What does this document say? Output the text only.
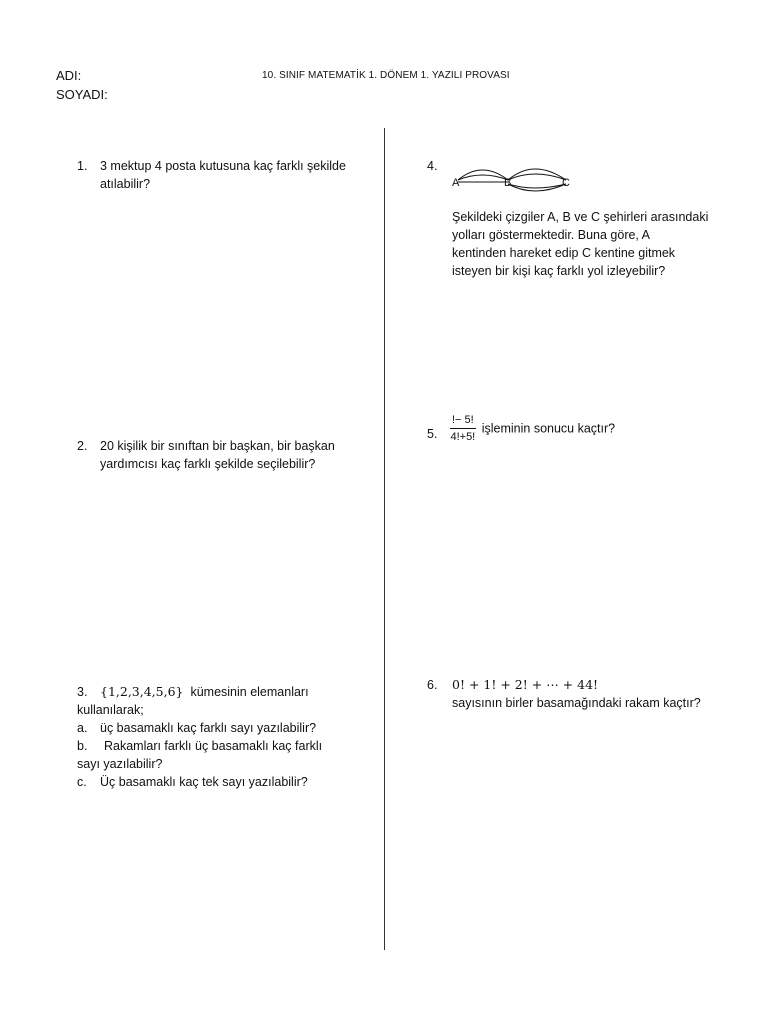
ADI:
SOYADI:
10. SINIF MATEMATİK 1. DÖNEM 1. YAZILI PROVASI
1. 3 mektup 4 posta kutusuna kaç farklı şekilde
atılabilir?
2. 20 kişilik bir sınıftan bir başkan, bir başkan
yardımcısı kaç farklı şekilde seçilebilir?
3. {1,2,3,4,5,6} kümesinin elemanları
kullanılarak;
a. üç basamaklı kaç farklı sayı yazılabilir?
b. Rakamları farklı üç basamaklı kaç farklı
sayı yazılabilir?
c. Üç basamaklı kaç tek sayı yazılabilir?
4.
A	B	C
Şekildeki çizgiler A, B ve C şehirleri arasındaki
yolları göstermektedir. Buna göre, A
kentinden hareket edip C kentine gitmek
isteyen bir kişi kaç farklı yol izleyebilir?
5. $\frac{!- 5!}{4!+5!}$ işleminin sonucu kaçtır?
6. 0! + 1! + 2! + ⋯ + 44!
sayısının birler basamağındaki rakam kaçtır?
